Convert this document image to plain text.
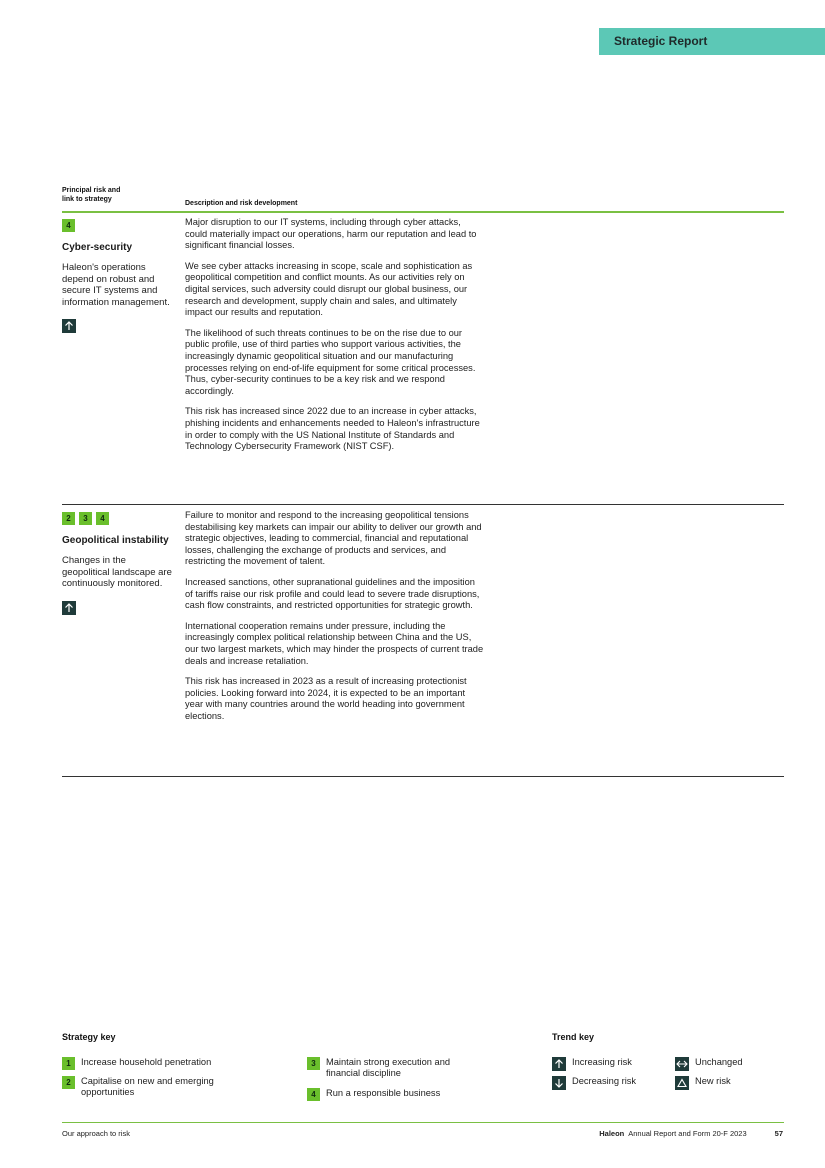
Strategic Report
Principal risk and
link to strategy
Description and risk development
4
Cyber-security
Haleon's operations depend on robust and secure IT systems and information management.

Major disruption to our IT systems, including through cyber attacks, could materially impact our operations, harm our reputation and lead to significant financial losses.

We see cyber attacks increasing in scope, scale and sophistication as geopolitical competition and conflict mounts. As our activities rely on digital services, such adversity could disrupt our global business, our research and development, supply chain and sales, and ultimately impact our results and reputation.

The likelihood of such threats continues to be on the rise due to our public profile, use of third parties who support various activities, the increasingly dynamic geopolitical situation and our manufacturing processes relying on end-of-life equipment for some critical processes. Thus, cyber-security continues to be a key risk and we respond accordingly.

This risk has increased since 2022 due to an increase in cyber attacks, phishing incidents and enhancements needed to Haleon's infrastructure in order to comply with the US National Institute of Standards and Technology Cybersecurity Framework (NIST CSF).

2	3	4
Geopolitical instability
Changes in the geopolitical landscape are continuously monitored.

Failure to monitor and respond to the increasing geopolitical tensions destabilising key markets can impair our ability to deliver our growth and strategic objectives, leading to commercial, financial and reputational losses, challenging the exchange of products and services, and restricting the movement of talent.

Increased sanctions, other supranational guidelines and the imposition of tariffs raise our risk profile and could lead to severe trade disruptions, cash flow constraints, and restricted opportunities for strategic growth.

International cooperation remains under pressure, including the increasingly complex political relationship between China and the US, our two largest markets, which may hinder the prospects of current trade deals and increase retaliation.

This risk has increased in 2023 as a result of increasing protectionist policies. Looking forward into 2024, it is expected to be an important year with many countries around the world heading into government elections.

Strategy key
1	Increase household penetration
2	Capitalise on new and emerging opportunities
3	Maintain strong execution and financial discipline
4	Run a responsible business
Trend key
Increasing risk
Decreasing risk
Unchanged
New risk
Our approach to risk	Haleon Annual Report and Form 20-F 2023	57
